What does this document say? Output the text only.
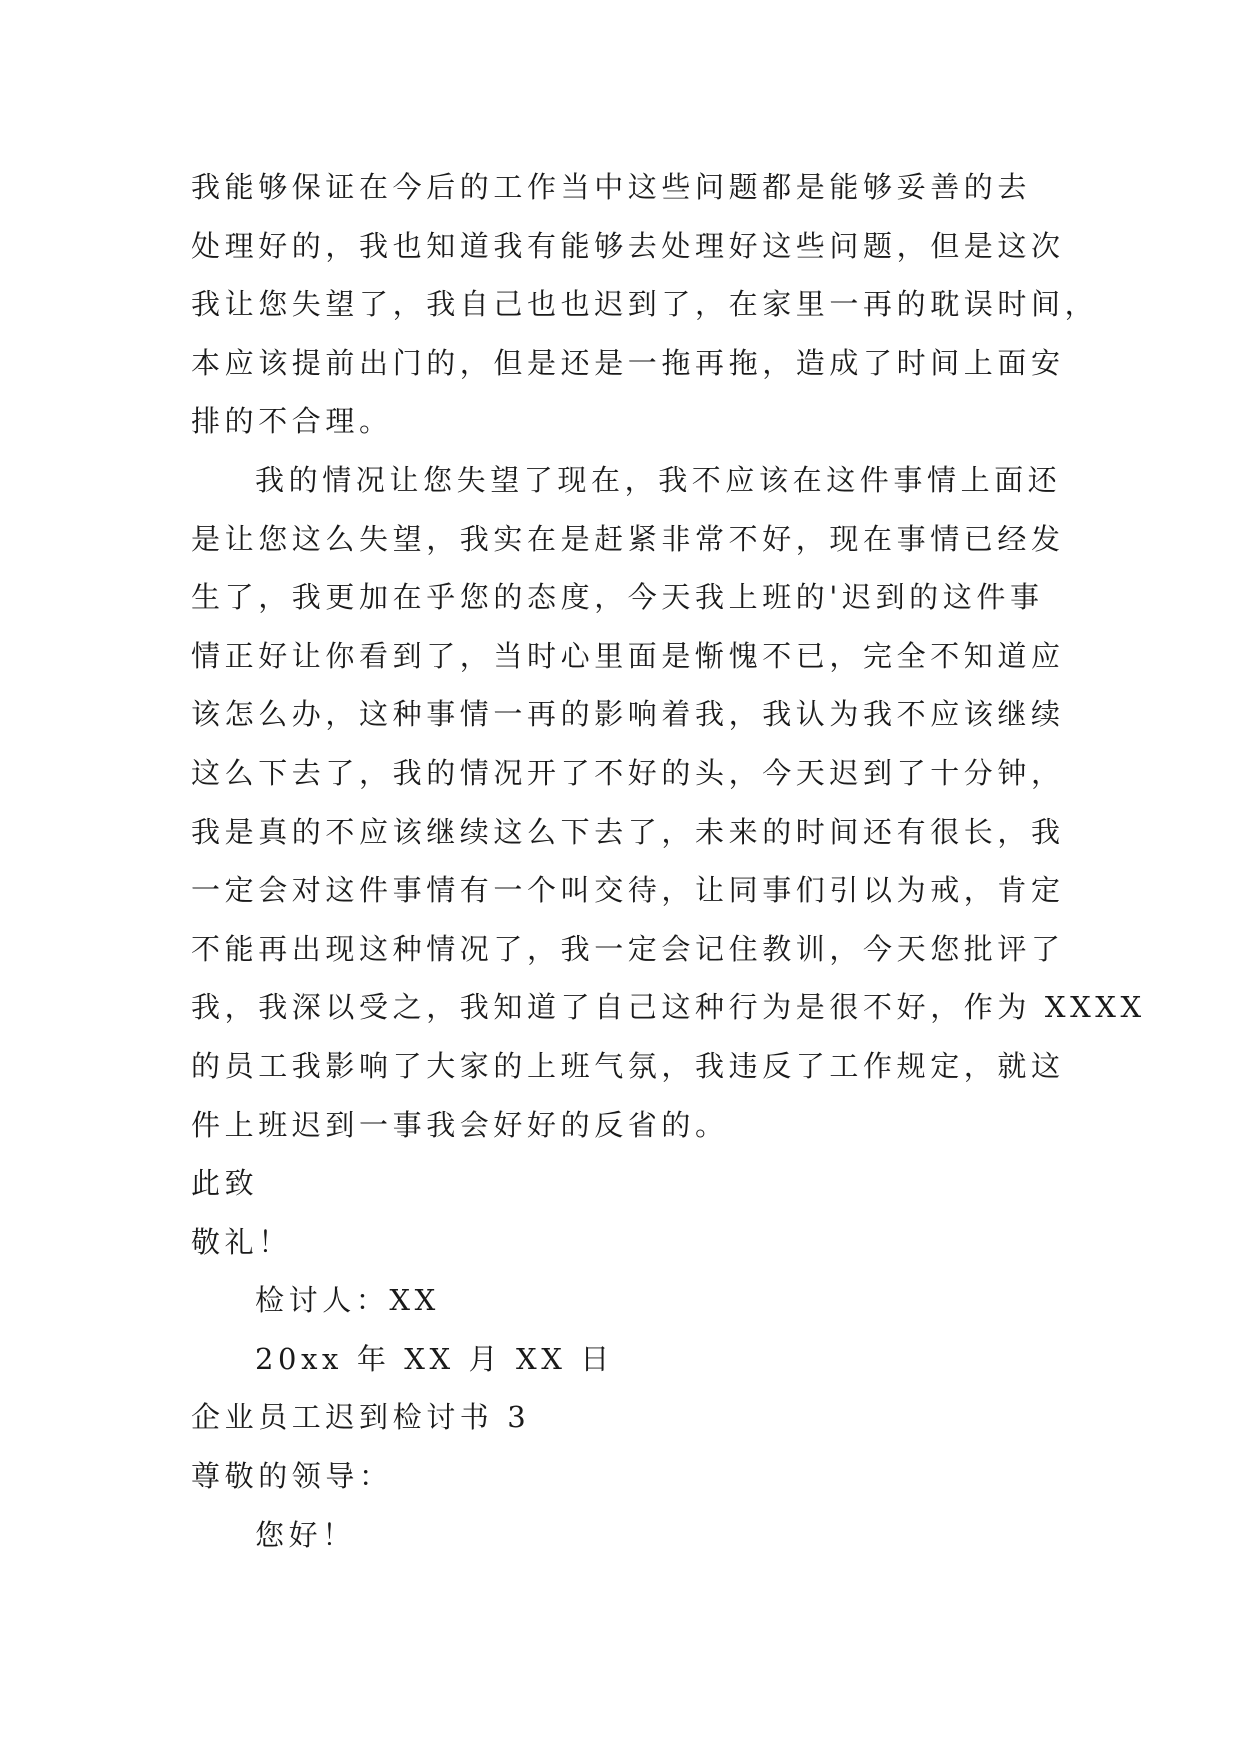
我能够保证在今后的工作当中这些问题都是能够妥善的去
处理好的，我也知道我有能够去处理好这些问题，但是这次
我让您失望了，我自己也也迟到了，在家里一再的耽误时间，
本应该提前出门的，但是还是一拖再拖，造成了时间上面安
排的不合理。
我的情况让您失望了现在，我不应该在这件事情上面还
是让您这么失望，我实在是赶紧非常不好，现在事情已经发
生了，我更加在乎您的态度，今天我上班的'迟到的这件事
情正好让你看到了，当时心里面是惭愧不已，完全不知道应
该怎么办，这种事情一再的影响着我，我认为我不应该继续
这么下去了，我的情况开了不好的头，今天迟到了十分钟，
我是真的不应该继续这么下去了，未来的时间还有很长，我
一定会对这件事情有一个叫交待，让同事们引以为戒，肯定
不能再出现这种情况了，我一定会记住教训，今天您批评了
我，我深以受之，我知道了自己这种行为是很不好，作为 XXXX
的员工我影响了大家的上班气氛，我违反了工作规定，就这
件上班迟到一事我会好好的反省的。
此致
敬礼！
检讨人：XX
20xx 年 XX 月 XX 日
企业员工迟到检讨书 3
尊敬的领导：
您好！
